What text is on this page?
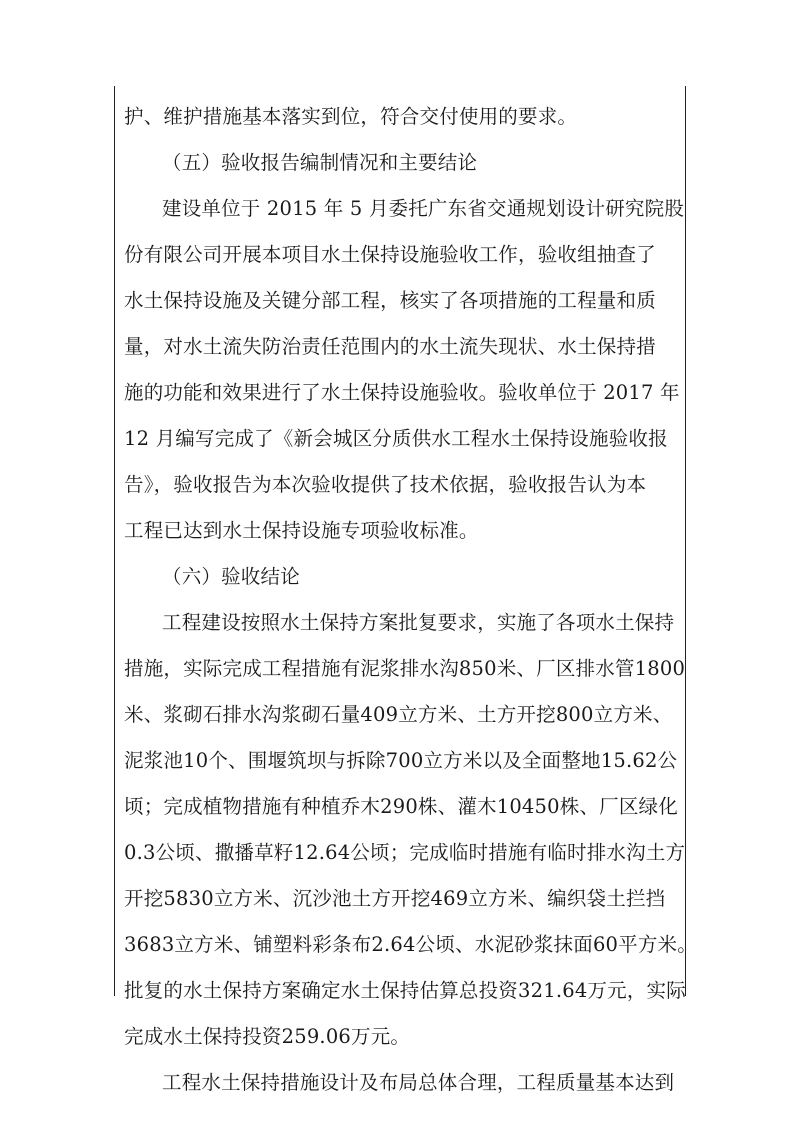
护、维护措施基本落实到位，符合交付使用的要求。
（五）验收报告编制情况和主要结论
建设单位于 2015 年 5 月委托广东省交通规划设计研究院股
份有限公司开展本项目水土保持设施验收工作，验收组抽查了
水土保持设施及关键分部工程，核实了各项措施的工程量和质
量，对水土流失防治责任范围内的水土流失现状、水土保持措
施的功能和效果进行了水土保持设施验收。验收单位于 2017 年
12 月编写完成了《新会城区分质供水工程水土保持设施验收报
告》，验收报告为本次验收提供了技术依据，验收报告认为本
工程已达到水土保持设施专项验收标准。
（六）验收结论
工程建设按照水土保持方案批复要求，实施了各项水土保持
措施，实际完成工程措施有泥浆排水沟850米、厂区排水管1800
米、浆砌石排水沟浆砌石量409立方米、土方开挖800立方米、
泥浆池10个、围堰筑坝与拆除700立方米以及全面整地15.62公
顷；完成植物措施有种植乔木290株、灌木10450株、厂区绿化
0.3公顷、撒播草籽12.64公顷；完成临时措施有临时排水沟土方
开挖5830立方米、沉沙池土方开挖469立方米、编织袋土拦挡
3683立方米、铺塑料彩条布2.64公顷、水泥砂浆抹面60平方米。
批复的水土保持方案确定水土保持估算总投资321.64万元，实际
完成水土保持投资259.06万元。
工程水土保持措施设计及布局总体合理，工程质量基本达到
